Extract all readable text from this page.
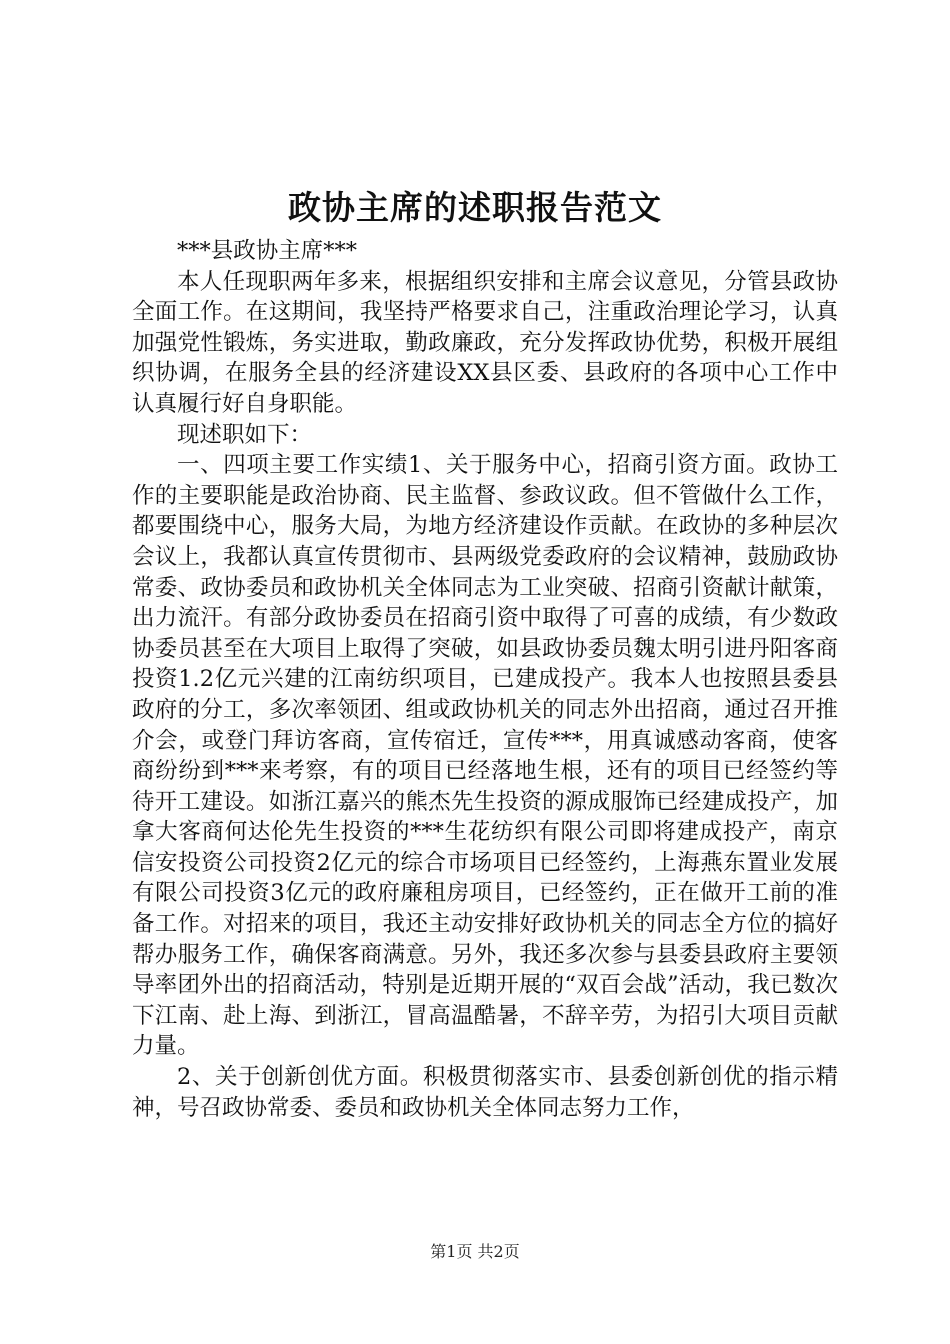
政协主席的述职报告范文

***县政协主席***

本人任现职两年多来，根据组织安排和主席会议意见，分管县政协全面工作。在这期间，我坚持严格要求自己，注重政治理论学习，认真加强党性锻炼，务实进取，勤政廉政，充分发挥政协优势，积极开展组织协调，在服务全县的经济建设XX县区委、县政府的各项中心工作中认真履行好自身职能。

现述职如下：

一、四项主要工作实绩1、关于服务中心，招商引资方面。政协工作的主要职能是政治协商、民主监督、参政议政。但不管做什么工作，都要围绕中心，服务大局，为地方经济建设作贡献。在政协的多种层次会议上，我都认真宣传贯彻市、县两级党委政府的会议精神，鼓励政协常委、政协委员和政协机关全体同志为工业突破、招商引资献计献策，出力流汗。有部分政协委员在招商引资中取得了可喜的成绩，有少数政协委员甚至在大项目上取得了突破，如县政协委员魏太明引进丹阳客商投资1.2亿元兴建的江南纺织项目，已建成投产。我本人也按照县委县政府的分工，多次率领团、组或政协机关的同志外出招商，通过召开推介会，或登门拜访客商，宣传宿迁，宣传***，用真诚感动客商，使客商纷纷到***来考察，有的项目已经落地生根，还有的项目已经签约等待开工建设。如浙江嘉兴的熊杰先生投资的源成服饰已经建成投产，加拿大客商何达伦先生投资的***生花纺织有限公司即将建成投产，南京信安投资公司投资2亿元的综合市场项目已经签约，上海燕东置业发展有限公司投资3亿元的政府廉租房项目，已经签约，正在做开工前的准备工作。对招来的项目，我还主动安排好政协机关的同志全方位的搞好帮办服务工作，确保客商满意。另外，我还多次参与县委县政府主要领导率团外出的招商活动，特别是近期开展的“双百会战”活动，我已数次下江南、赴上海、到浙江，冒高温酷暑，不辞辛劳，为招引大项目贡献力量。

2、关于创新创优方面。积极贯彻落实市、县委创新创优的指示精神，号召政协常委、委员和政协机关全体同志努力工作，

第1页 共2页
